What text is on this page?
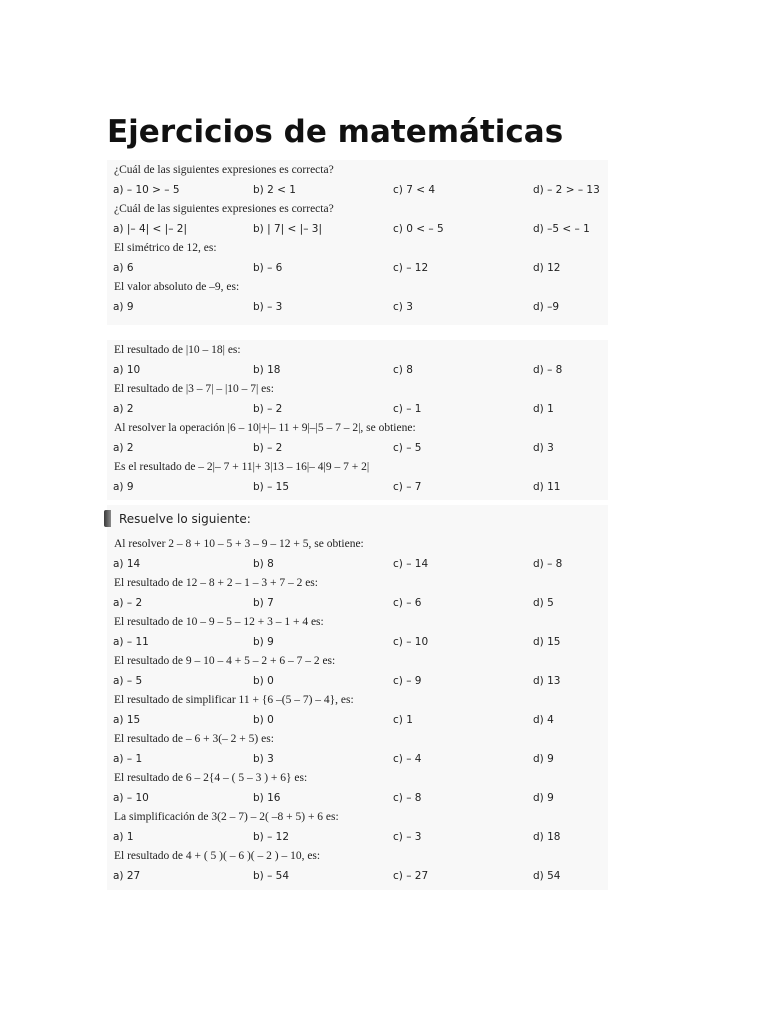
Ejercicios de matemáticas
¿Cuál de las siguientes expresiones es correcta?
a) – 10 > – 5	b) 2 < 1	c) 7 < 4	d) – 2 > – 13
¿Cuál de las siguientes expresiones es correcta?
a) |– 4| < |– 2|	b) | 7| < |– 3|	c) 0 < – 5	d) –5 < – 1
El simétrico de 12, es:
a) 6	b) – 6	c) – 12	d) 12
El valor absoluto de –9, es:
a) 9	b) – 3	c) 3	d) –9
El resultado de |10 – 18| es:
a) 10	b) 18	c) 8	d) – 8
El resultado de |3 – 7| – |10 – 7| es:
a) 2	b) – 2	c) – 1	d) 1
Al resolver la operación |6 – 10|+|– 11 + 9|–|5 – 7 – 2|, se obtiene:
a) 2	b) – 2	c) – 5	d) 3
Es el resultado de – 2|– 7 + 11|+ 3|13 – 16|– 4|9 – 7 + 2|
a) 9	b) – 15	c) – 7	d) 11
Resuelve lo siguiente:
Al resolver 2 – 8 + 10 – 5 + 3 – 9 – 12 + 5, se obtiene:
a) 14	b) 8	c) – 14	d) – 8
El resultado de 12 – 8 + 2 – 1 – 3 + 7 – 2 es:
a) – 2	b) 7	c) – 6	d) 5
El resultado de 10 – 9 – 5 – 12 + 3 – 1 + 4 es:
a) – 11	b) 9	c) – 10	d) 15
El resultado de 9 – 10 – 4 + 5 – 2 + 6 – 7 – 2 es:
a) – 5	b) 0	c) – 9	d) 13
El resultado de simplificar 11 + {6 –(5 – 7) – 4}, es:
a) 15	b) 0	c) 1	d) 4
El resultado de – 6 + 3(– 2 + 5) es:
a) – 1	b) 3	c) – 4	d) 9
El resultado de 6 – 2{4 – ( 5 – 3 ) + 6} es:
a) – 10	b) 16	c) – 8	d) 9
La simplificación de 3(2 – 7) – 2( –8 + 5) + 6 es:
a) 1	b) – 12	c) – 3	d) 18
El resultado de 4 + ( 5 )( – 6 )( – 2 ) – 10, es:
a) 27	b) – 54	c) – 27	d) 54
